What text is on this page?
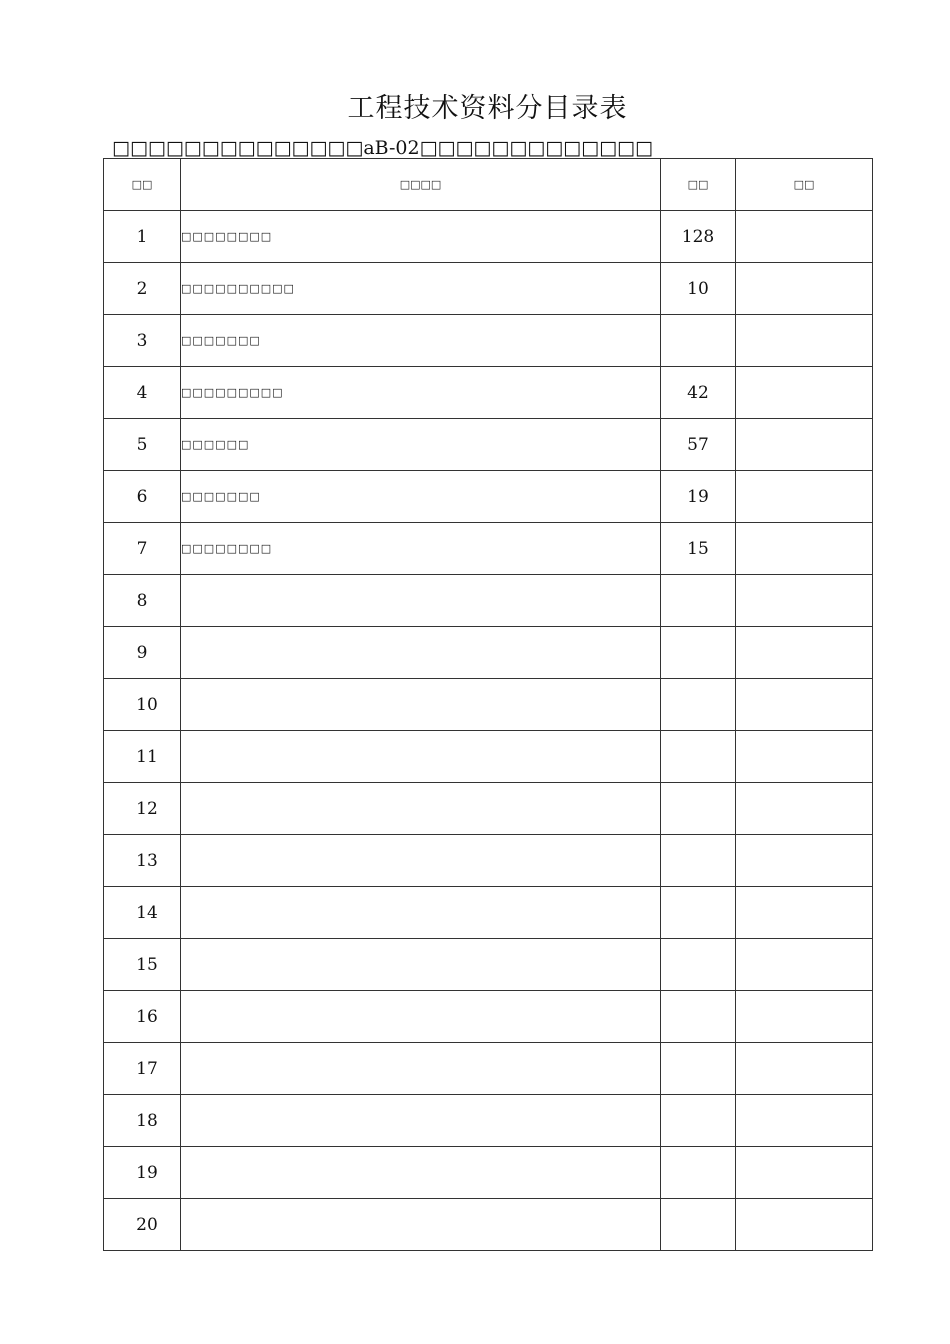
工程技术资料分目录表
□□□□□□□□□□□□□□aB-02□□□□□□□□□□□□□
□□	□□□□	□□	□□
1	□□□□□□□□	128	
2	□□□□□□□□□□	10	
3	□□□□□□□		
4	□□□□□□□□□	42	
5	□□□□□□	57	
6	□□□□□□□	19	
7	□□□□□□□□	15	
8			
9			
10			
11			
12			
13			
14			
15			
16			
17			
18			
19			
20			
